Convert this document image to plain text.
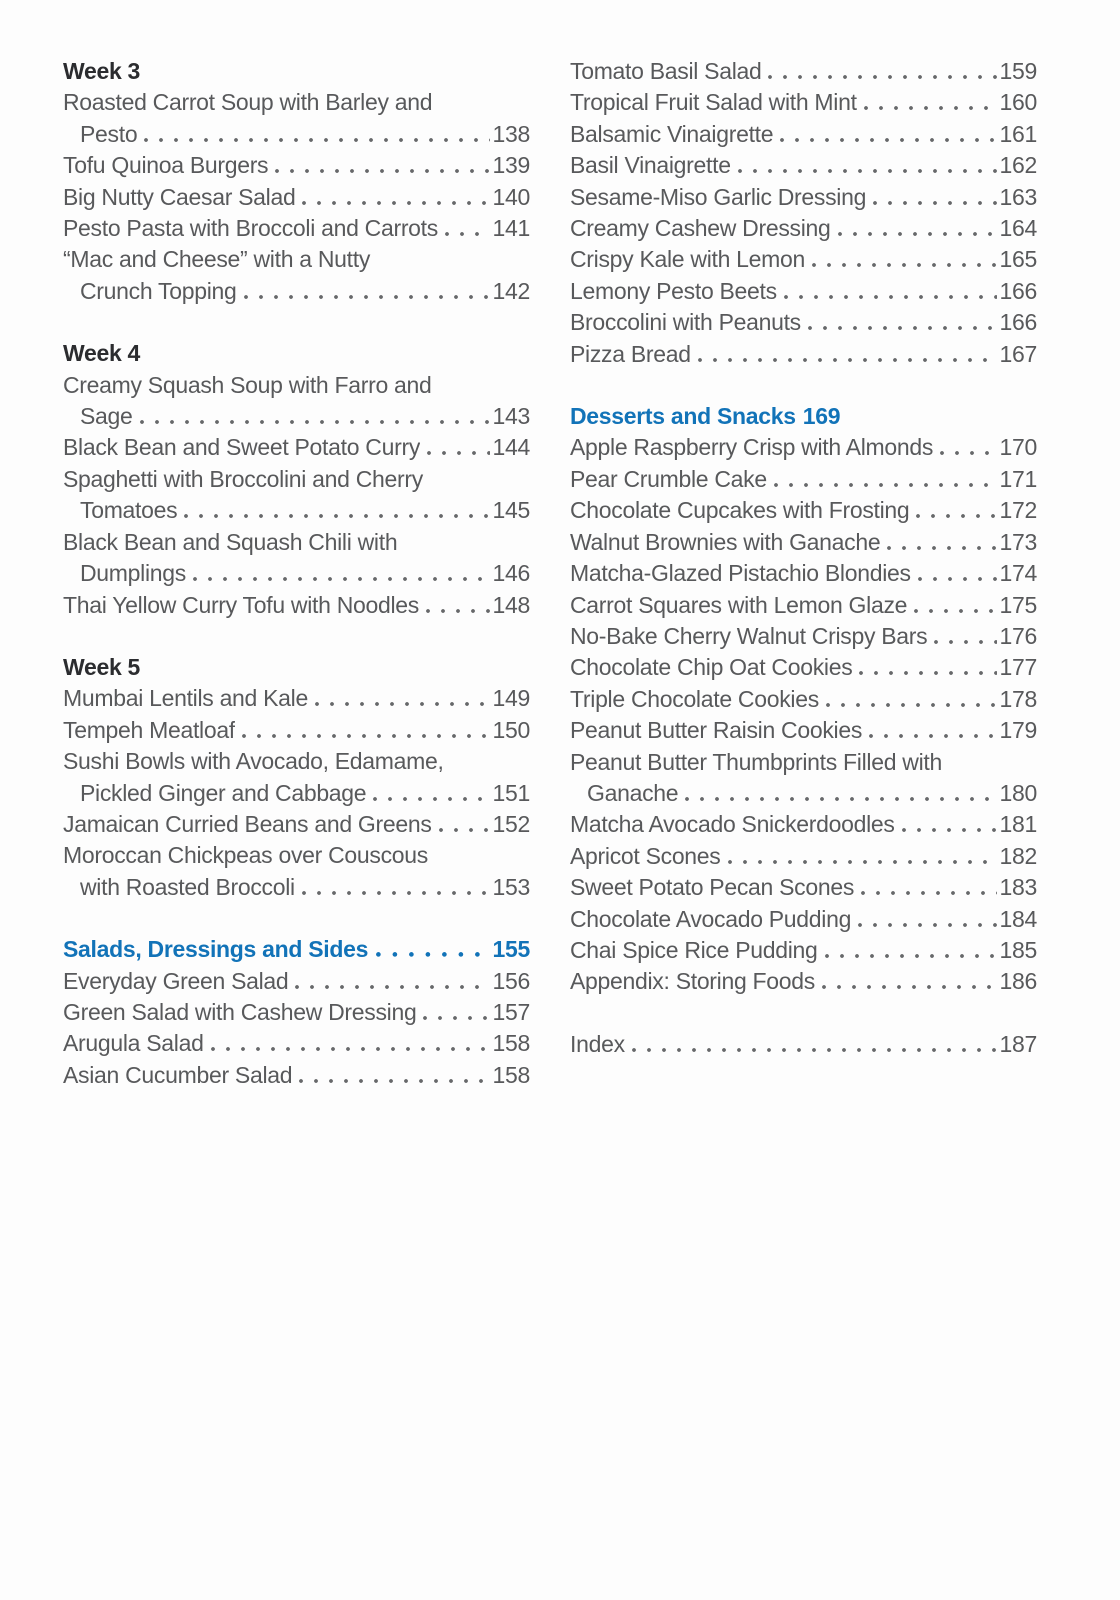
Week 3
Roasted Carrot Soup with Barley and
Pesto	138
Tofu Quinoa Burgers	139
Big Nutty Caesar Salad	140
Pesto Pasta with Broccoli and Carrots 141
“Mac and Cheese” with a Nutty
Crunch Topping	142
Week 4
Creamy Squash Soup with Farro and
Sage	143
Black Bean and Sweet Potato Curry	144
Spaghetti with Broccolini and Cherry
Tomatoes	145
Black Bean and Squash Chili with
Dumplings	146
Thai Yellow Curry Tofu with Noodles	148
Week 5
Mumbai Lentils and Kale	149
Tempeh Meatloaf	150
Sushi Bowls with Avocado, Edamame,
Pickled Ginger and Cabbage	151
Jamaican Curried Beans and Greens	152
Moroccan Chickpeas over Couscous
with Roasted Broccoli	153
Salads, Dressings and Sides	155
Everyday Green Salad	156
Green Salad with Cashew Dressing	157
Arugula Salad	158
Asian Cucumber Salad	158
Tomato Basil Salad	159
Tropical Fruit Salad with Mint	160
Balsamic Vinaigrette	161
Basil Vinaigrette	162
Sesame-Miso Garlic Dressing	163
Creamy Cashew Dressing	164
Crispy Kale with Lemon	165
Lemony Pesto Beets	166
Broccolini with Peanuts	166
Pizza Bread	167
Desserts and Snacks 169
Apple Raspberry Crisp with Almonds	170
Pear Crumble Cake	171
Chocolate Cupcakes with Frosting	172
Walnut Brownies with Ganache	173
Matcha-Glazed Pistachio Blondies	174
Carrot Squares with Lemon Glaze	175
No-Bake Cherry Walnut Crispy Bars	176
Chocolate Chip Oat Cookies	177
Triple Chocolate Cookies	178
Peanut Butter Raisin Cookies	179
Peanut Butter Thumbprints Filled with
Ganache	180
Matcha Avocado Snickerdoodles	181
Apricot Scones	182
Sweet Potato Pecan Scones	183
Chocolate Avocado Pudding	184
Chai Spice Rice Pudding	185
Appendix: Storing Foods	186
Index	187
